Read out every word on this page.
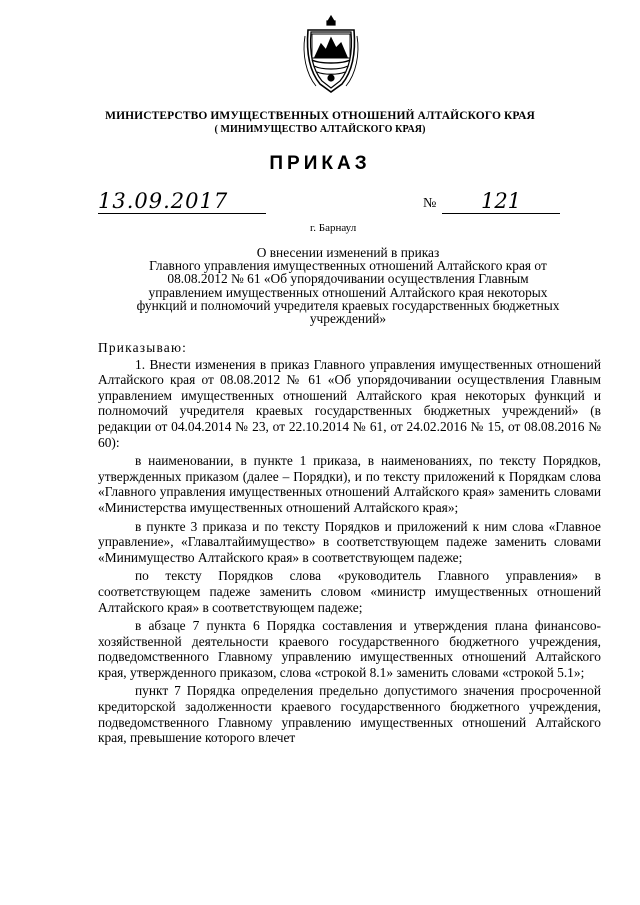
МИНИСТЕРСТВО ИМУЩЕСТВЕННЫХ ОТНОШЕНИЙ АЛТАЙСКОГО КРАЯ
( МИНИМУЩЕСТВО АЛТАЙСКОГО КРАЯ)
ПРИКАЗ
13.09.2017	№	121
г. Барнаул
О внесении изменений в приказ
Главного управления имущественных отношений Алтайского края от
08.08.2012 № 61 «Об упорядочивании осуществления Главным
управлением имущественных отношений Алтайского края некоторых
функций и полномочий учредителя краевых государственных бюджетных
учреждений»
Приказываю:

1. Внести изменения в приказ Главного управления имущественных отношений Алтайского края от 08.08.2012 № 61 «Об упорядочивании осуществления Главным управлением имущественных отношений Алтайского края некоторых функций и полномочий учредителя краевых государственных бюджетных учреждений» (в редакции от 04.04.2014 № 23, от 22.10.2014 № 61, от 24.02.2016 № 15, от 08.08.2016 № 60):

в наименовании, в пункте 1 приказа, в наименованиях, по тексту Порядков, утвержденных приказом (далее – Порядки), и по тексту приложений к Порядкам слова «Главного управления имущественных отношений Алтайского края» заменить словами «Министерства имущественных отношений Алтайского края»;

в пункте 3 приказа и по тексту Порядков и приложений к ним слова «Главное управление», «Главалтайимущество» в соответствующем падеже заменить словами «Минимущество Алтайского края» в соответствующем падеже;

по тексту Порядков слова «руководитель Главного управления» в соответствующем падеже заменить словом «министр имущественных отношений Алтайского края» в соответствующем падеже;

в абзаце 7 пункта 6 Порядка составления и утверждения плана финансово-хозяйственной деятельности краевого государственного бюджетного учреждения, подведомственного Главному управлению имущественных отношений Алтайского края, утвержденного приказом, слова «строкой 8.1» заменить словами «строкой 5.1»;

пункт 7 Порядка определения предельно допустимого значения просроченной кредиторской задолженности краевого государственного бюджетного учреждения, подведомственного Главному управлению имущественных отношений Алтайского края, превышение которого влечет
